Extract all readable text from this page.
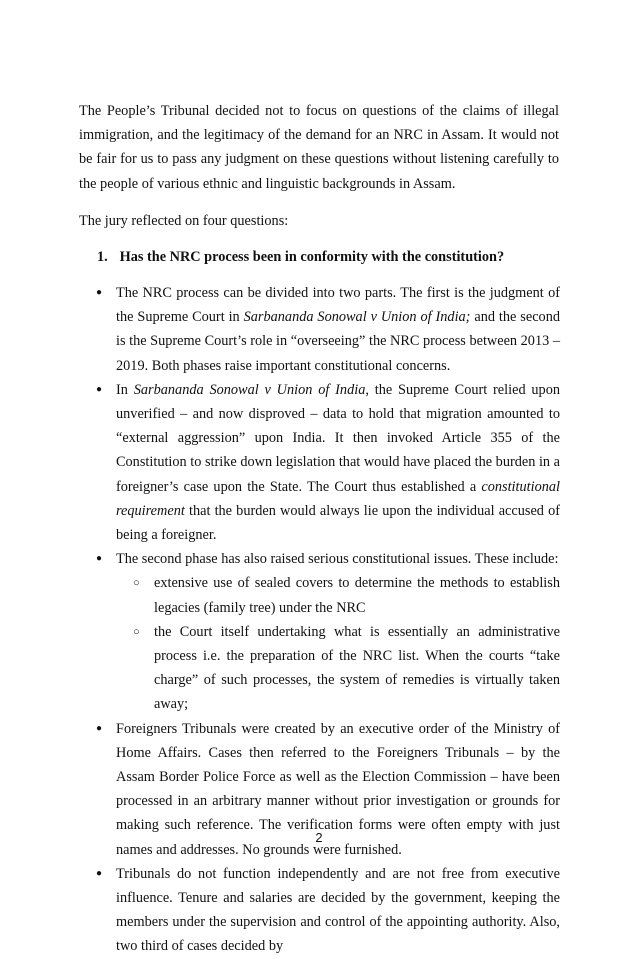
The People’s Tribunal decided not to focus on questions of the claims of illegal immigration, and the legitimacy of the demand for an NRC in Assam. It would not be fair for us to pass any judgment on these questions without listening carefully to the people of various ethnic and linguistic backgrounds in Assam.

The jury reflected on four questions:

1. Has the NRC process been in conformity with the constitution?

● The NRC process can be divided into two parts. The first is the judgment of the Supreme Court in Sarbananda Sonowal v Union of India; and the second is the Supreme Court’s role in “overseeing” the NRC process between 2013 – 2019. Both phases raise important constitutional concerns.
● In Sarbananda Sonowal v Union of India, the Supreme Court relied upon unverified – and now disproved – data to hold that migration amounted to “external aggression” upon India. It then invoked Article 355 of the Constitution to strike down legislation that would have placed the burden in a foreigner’s case upon the State. The Court thus established a constitutional requirement that the burden would always lie upon the individual accused of being a foreigner.
● The second phase has also raised serious constitutional issues. These include:
○ extensive use of sealed covers to determine the methods to establish legacies (family tree) under the NRC
○ the Court itself undertaking what is essentially an administrative process i.e. the preparation of the NRC list. When the courts “take charge” of such processes, the system of remedies is virtually taken away;
● Foreigners Tribunals were created by an executive order of the Ministry of Home Affairs. Cases then referred to the Foreigners Tribunals – by the Assam Border Police Force as well as the Election Commission – have been processed in an arbitrary manner without prior investigation or grounds for making such reference. The verification forms were often empty with just names and addresses. No grounds were furnished.
● Tribunals do not function independently and are not free from executive influence. Tenure and salaries are decided by the government, keeping the members under the supervision and control of the appointing authority. Also, two third of cases decided by
2
